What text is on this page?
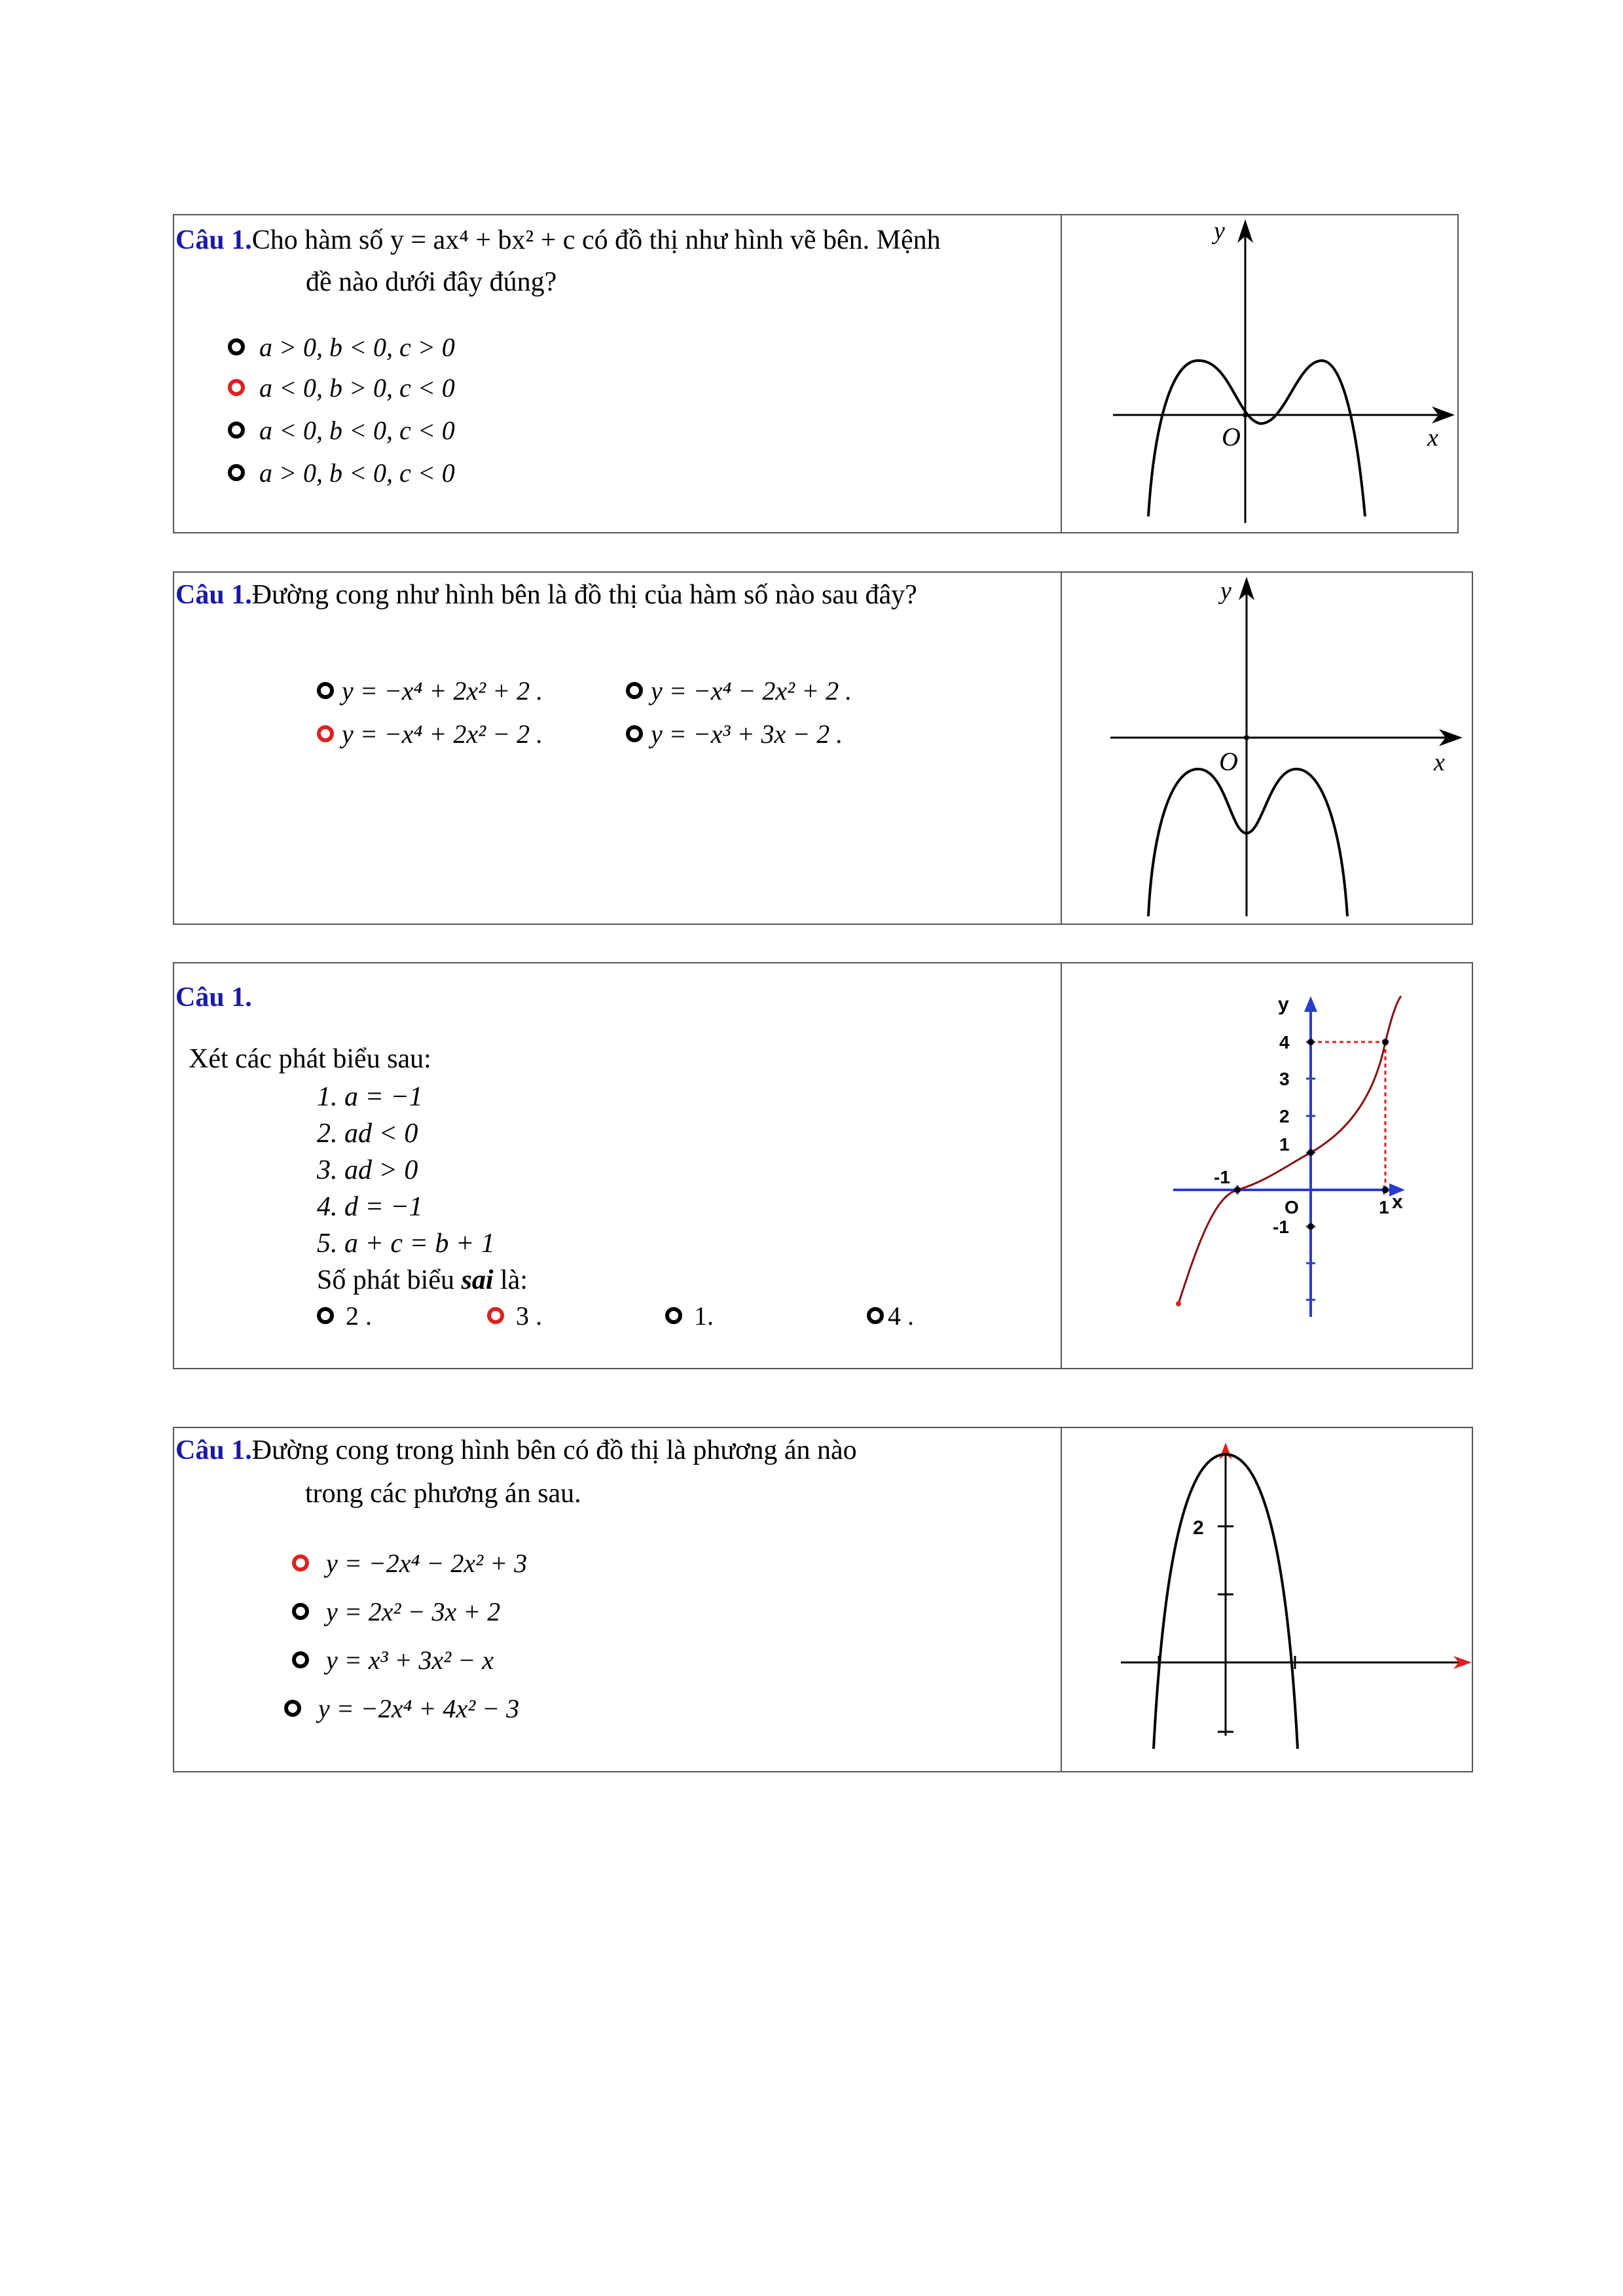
Câu 1.Cho hàm số y = ax⁴ + bx² + c có đồ thị như hình vẽ bên. Mệnh
đề nào dưới đây đúng?
a > 0, b < 0, c > 0
a < 0, b > 0, c < 0
a < 0, b < 0, c < 0
a > 0, b < 0, c < 0
y
x
O
Câu 1.Đường cong như hình bên là đồ thị của hàm số nào sau đây?
y = −x⁴ + 2x² + 2 .	y = −x⁴ − 2x² + 2 .
y = −x⁴ + 2x² − 2 .	y = −x³ + 3x − 2 .
y
x
O
Câu 1.
Xét các phát biểu sau:
1. a = −1
2. ad < 0
3. ad > 0
4. d = −1
5. a + c = b + 1
Số phát biểu sai là:
2 .	3 .	1.	4 .
y
x
4
3
2
1
-1
-1
1
O
Câu 1.Đường cong trong hình bên có đồ thị là phương án nào
trong các phương án sau.
y = −2x⁴ − 2x² + 3
y = 2x² − 3x + 2
y = x³ + 3x² − x
y = −2x⁴ + 4x² − 3
2
